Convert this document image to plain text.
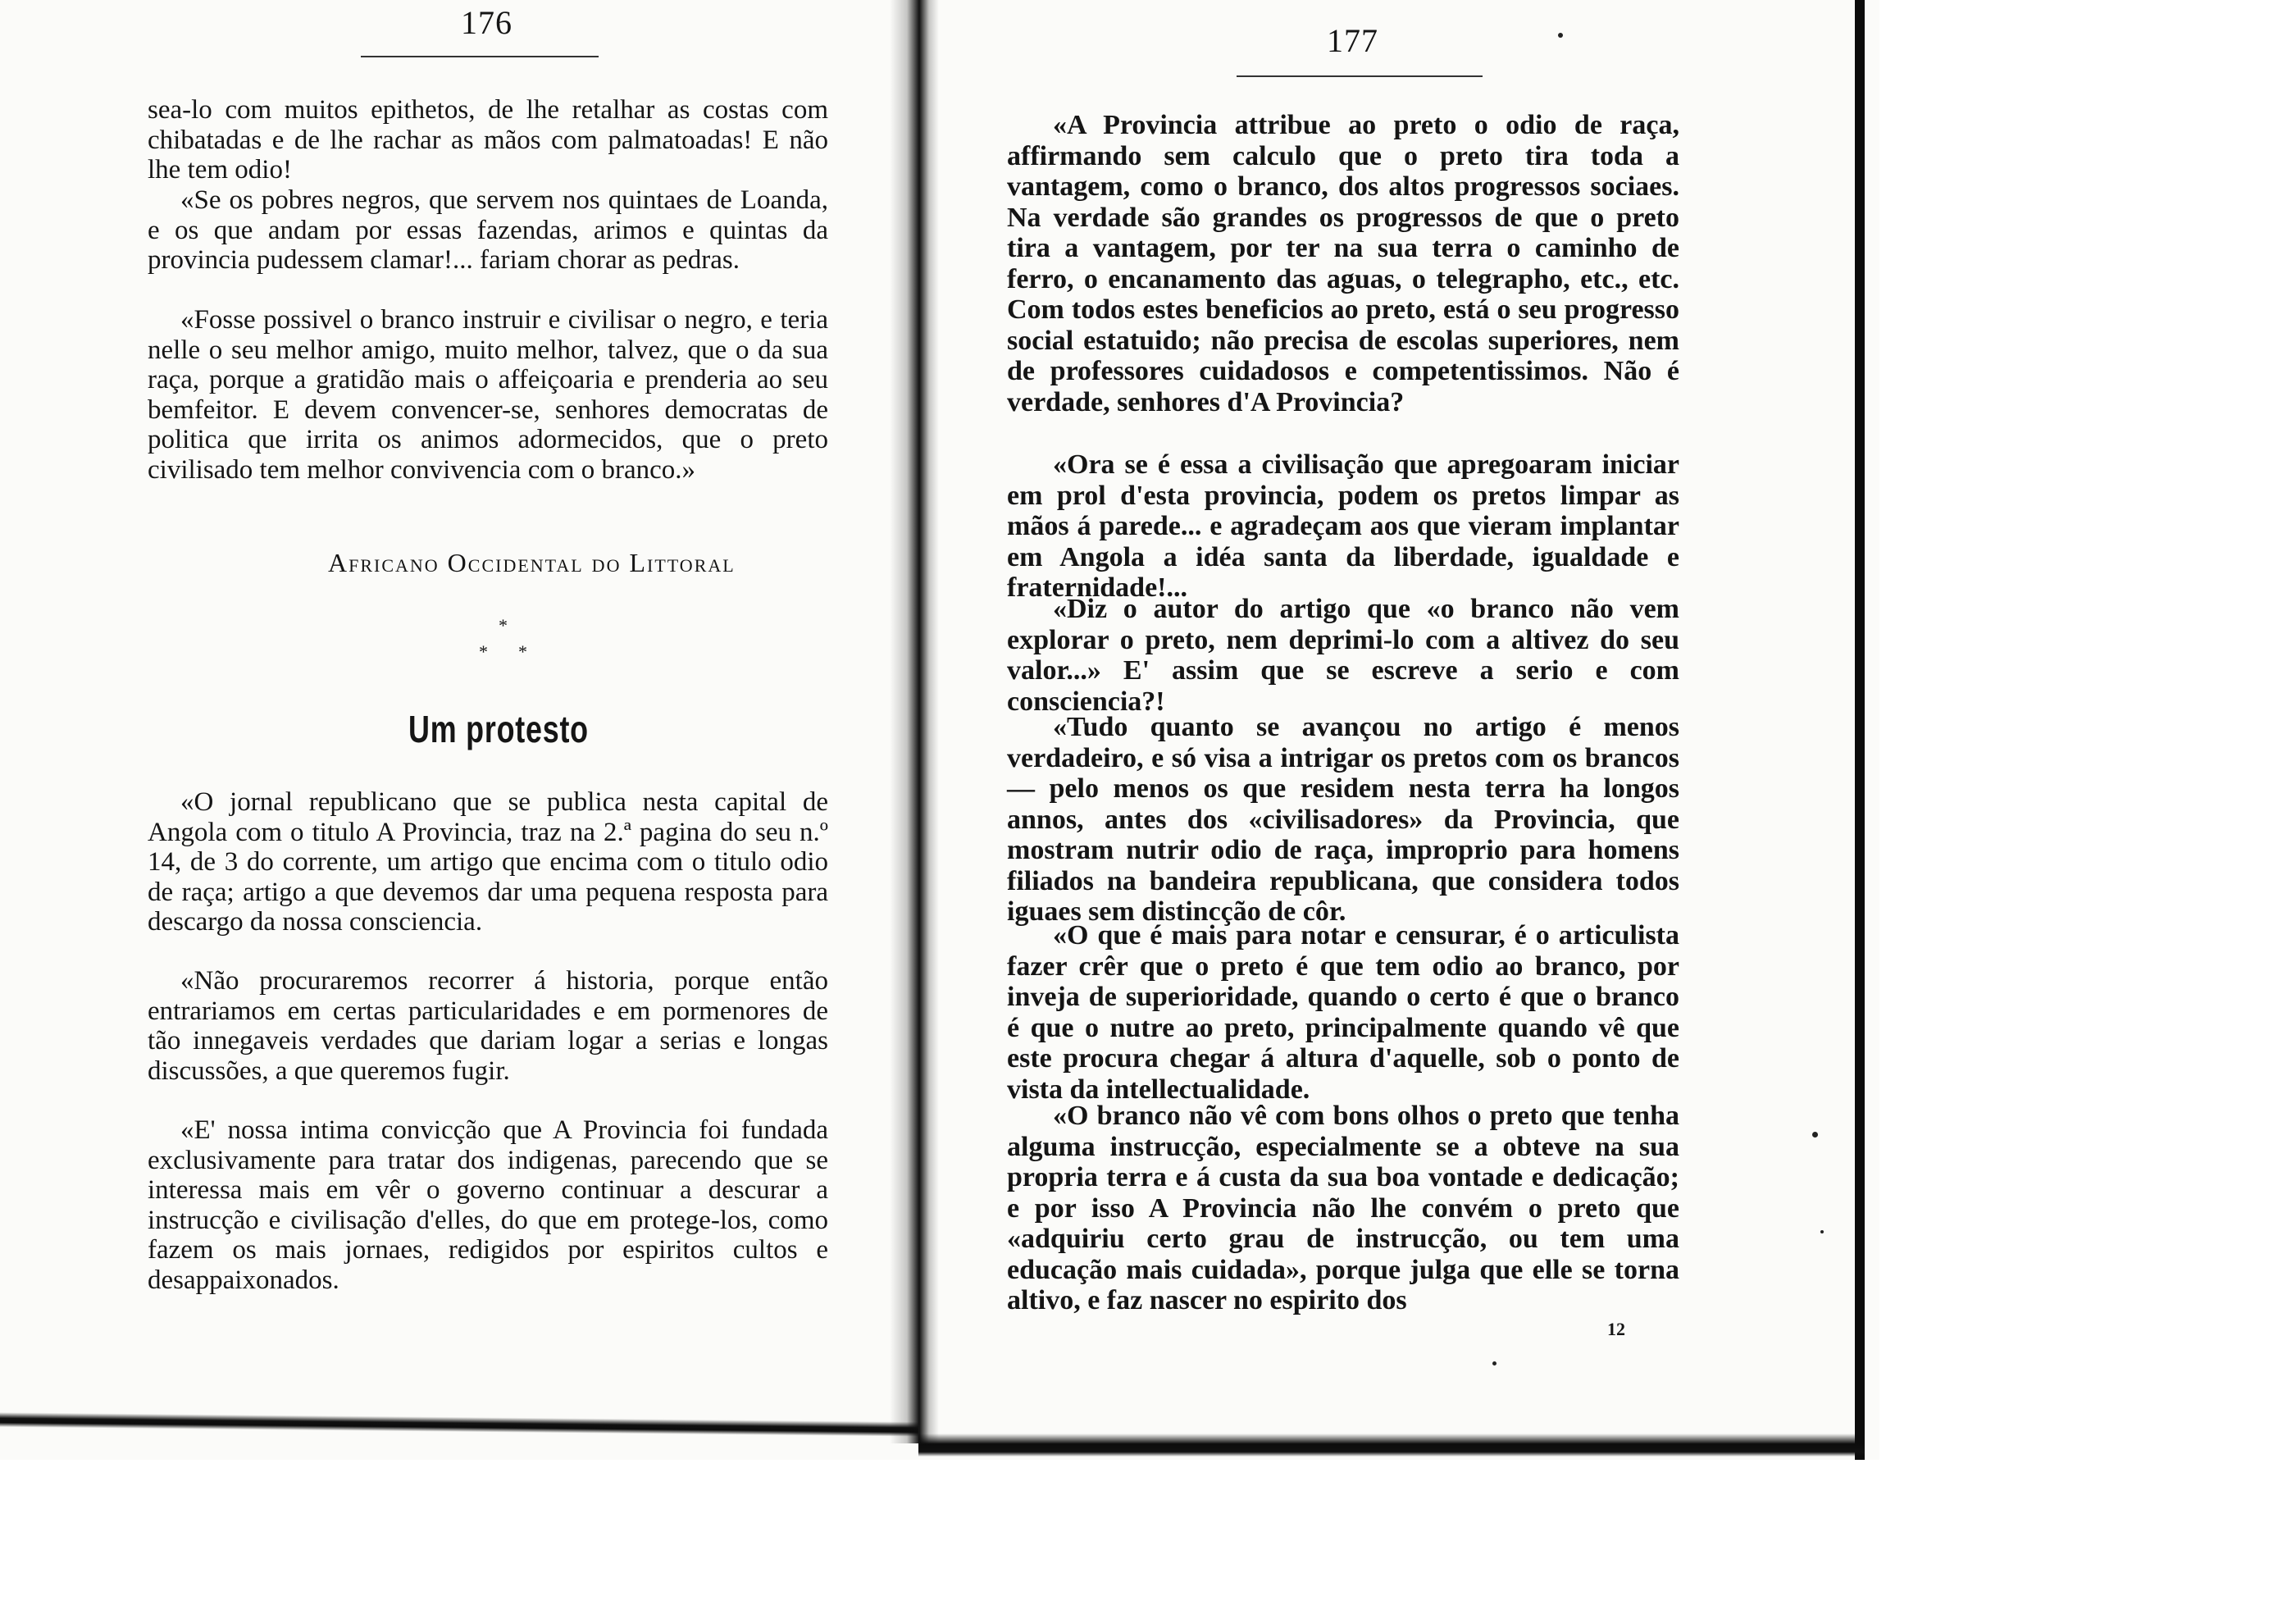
176

sea-lo com muitos epithetos, de lhe retalhar as costas com chibatadas e de lhe rachar as mãos com palmatoadas! E não lhe tem odio!

«Se os pobres negros, que servem nos quintaes de Loanda, e os que andam por essas fazendas, arimos e quintas da provincia pudessem clamar!... fariam chorar as pedras.

«Fosse possivel o branco instruir e civilisar o negro, e teria nelle o seu melhor amigo, muito melhor, talvez, que o da sua raça, porque a gratidão mais o affeiçoaria e prenderia ao seu bemfeitor. E devem convencer-se, senhores democratas de politica que irrita os animos adormecidos, que o preto civilisado tem melhor convivencia com o branco.»

Africano Occidental do Littoral

*
* *
Um protesto

«O jornal republicano que se publica nesta capital de Angola com o titulo A Provincia, traz na 2.ª pagina do seu n.º 14, de 3 do corrente, um artigo que encima com o titulo odio de raça; artigo a que devemos dar uma pequena resposta para descargo da nossa consciencia.

«Não procuraremos recorrer á historia, porque então entrariamos em certas particularidades e em pormenores de tão innegaveis verdades que dariam logar a serias e longas discussões, a que queremos fugir.

«E' nossa intima convicção que A Provincia foi fundada exclusivamente para tratar dos indigenas, parecendo que se interessa mais em vêr o governo continuar a descurar a instrucção e civilisação d'elles, do que em protege-los, como fazem os mais jornaes, redigidos por espiritos cultos e desappaixonados.

177

«A Provincia attribue ao preto o odio de raça, affirmando sem calculo que o preto tira toda a vantagem, como o branco, dos altos progressos sociaes. Na verdade são grandes os progressos de que o preto tira a vantagem, por ter na sua terra o caminho de ferro, o encanamento das aguas, o telegrapho, etc., etc. Com todos estes beneficios ao preto, está o seu progresso social estatuido; não precisa de escolas superiores, nem de professores cuidadosos e competentissimos. Não é verdade, senhores d'A Provincia?

«Ora se é essa a civilisação que apregoaram iniciar em prol d'esta provincia, podem os pretos limpar as mãos á parede... e agradeçam aos que vieram implantar em Angola a idéa santa da liberdade, igualdade e fraternidade!...

«Diz o autor do artigo que «o branco não vem explorar o preto, nem deprimi-lo com a altivez do seu valor...» E' assim que se escreve a serio e com consciencia?!

«Tudo quanto se avançou no artigo é menos verdadeiro, e só visa a intrigar os pretos com os brancos — pelo menos os que residem nesta terra ha longos annos, antes dos «civilisadores» da Provincia, que mostram nutrir odio de raça, improprio para homens filiados na bandeira republicana, que considera todos iguaes sem distincção de côr.

«O que é mais para notar e censurar, é o articulista fazer crêr que o preto é que tem odio ao branco, por inveja de superioridade, quando o certo é que o branco é que o nutre ao preto, principalmente quando vê que este procura chegar á altura d'aquelle, sob o ponto de vista da intellectualidade.

«O branco não vê com bons olhos o preto que tenha alguma instrucção, especialmente se a obteve na sua propria terra e á custa da sua boa vontade e dedicação; e por isso A Provincia não lhe convém o preto que «adquiriu certo grau de instrucção, ou tem uma educação mais cuidada», porque julga que elle se torna altivo, e faz nascer no espirito dos

12
